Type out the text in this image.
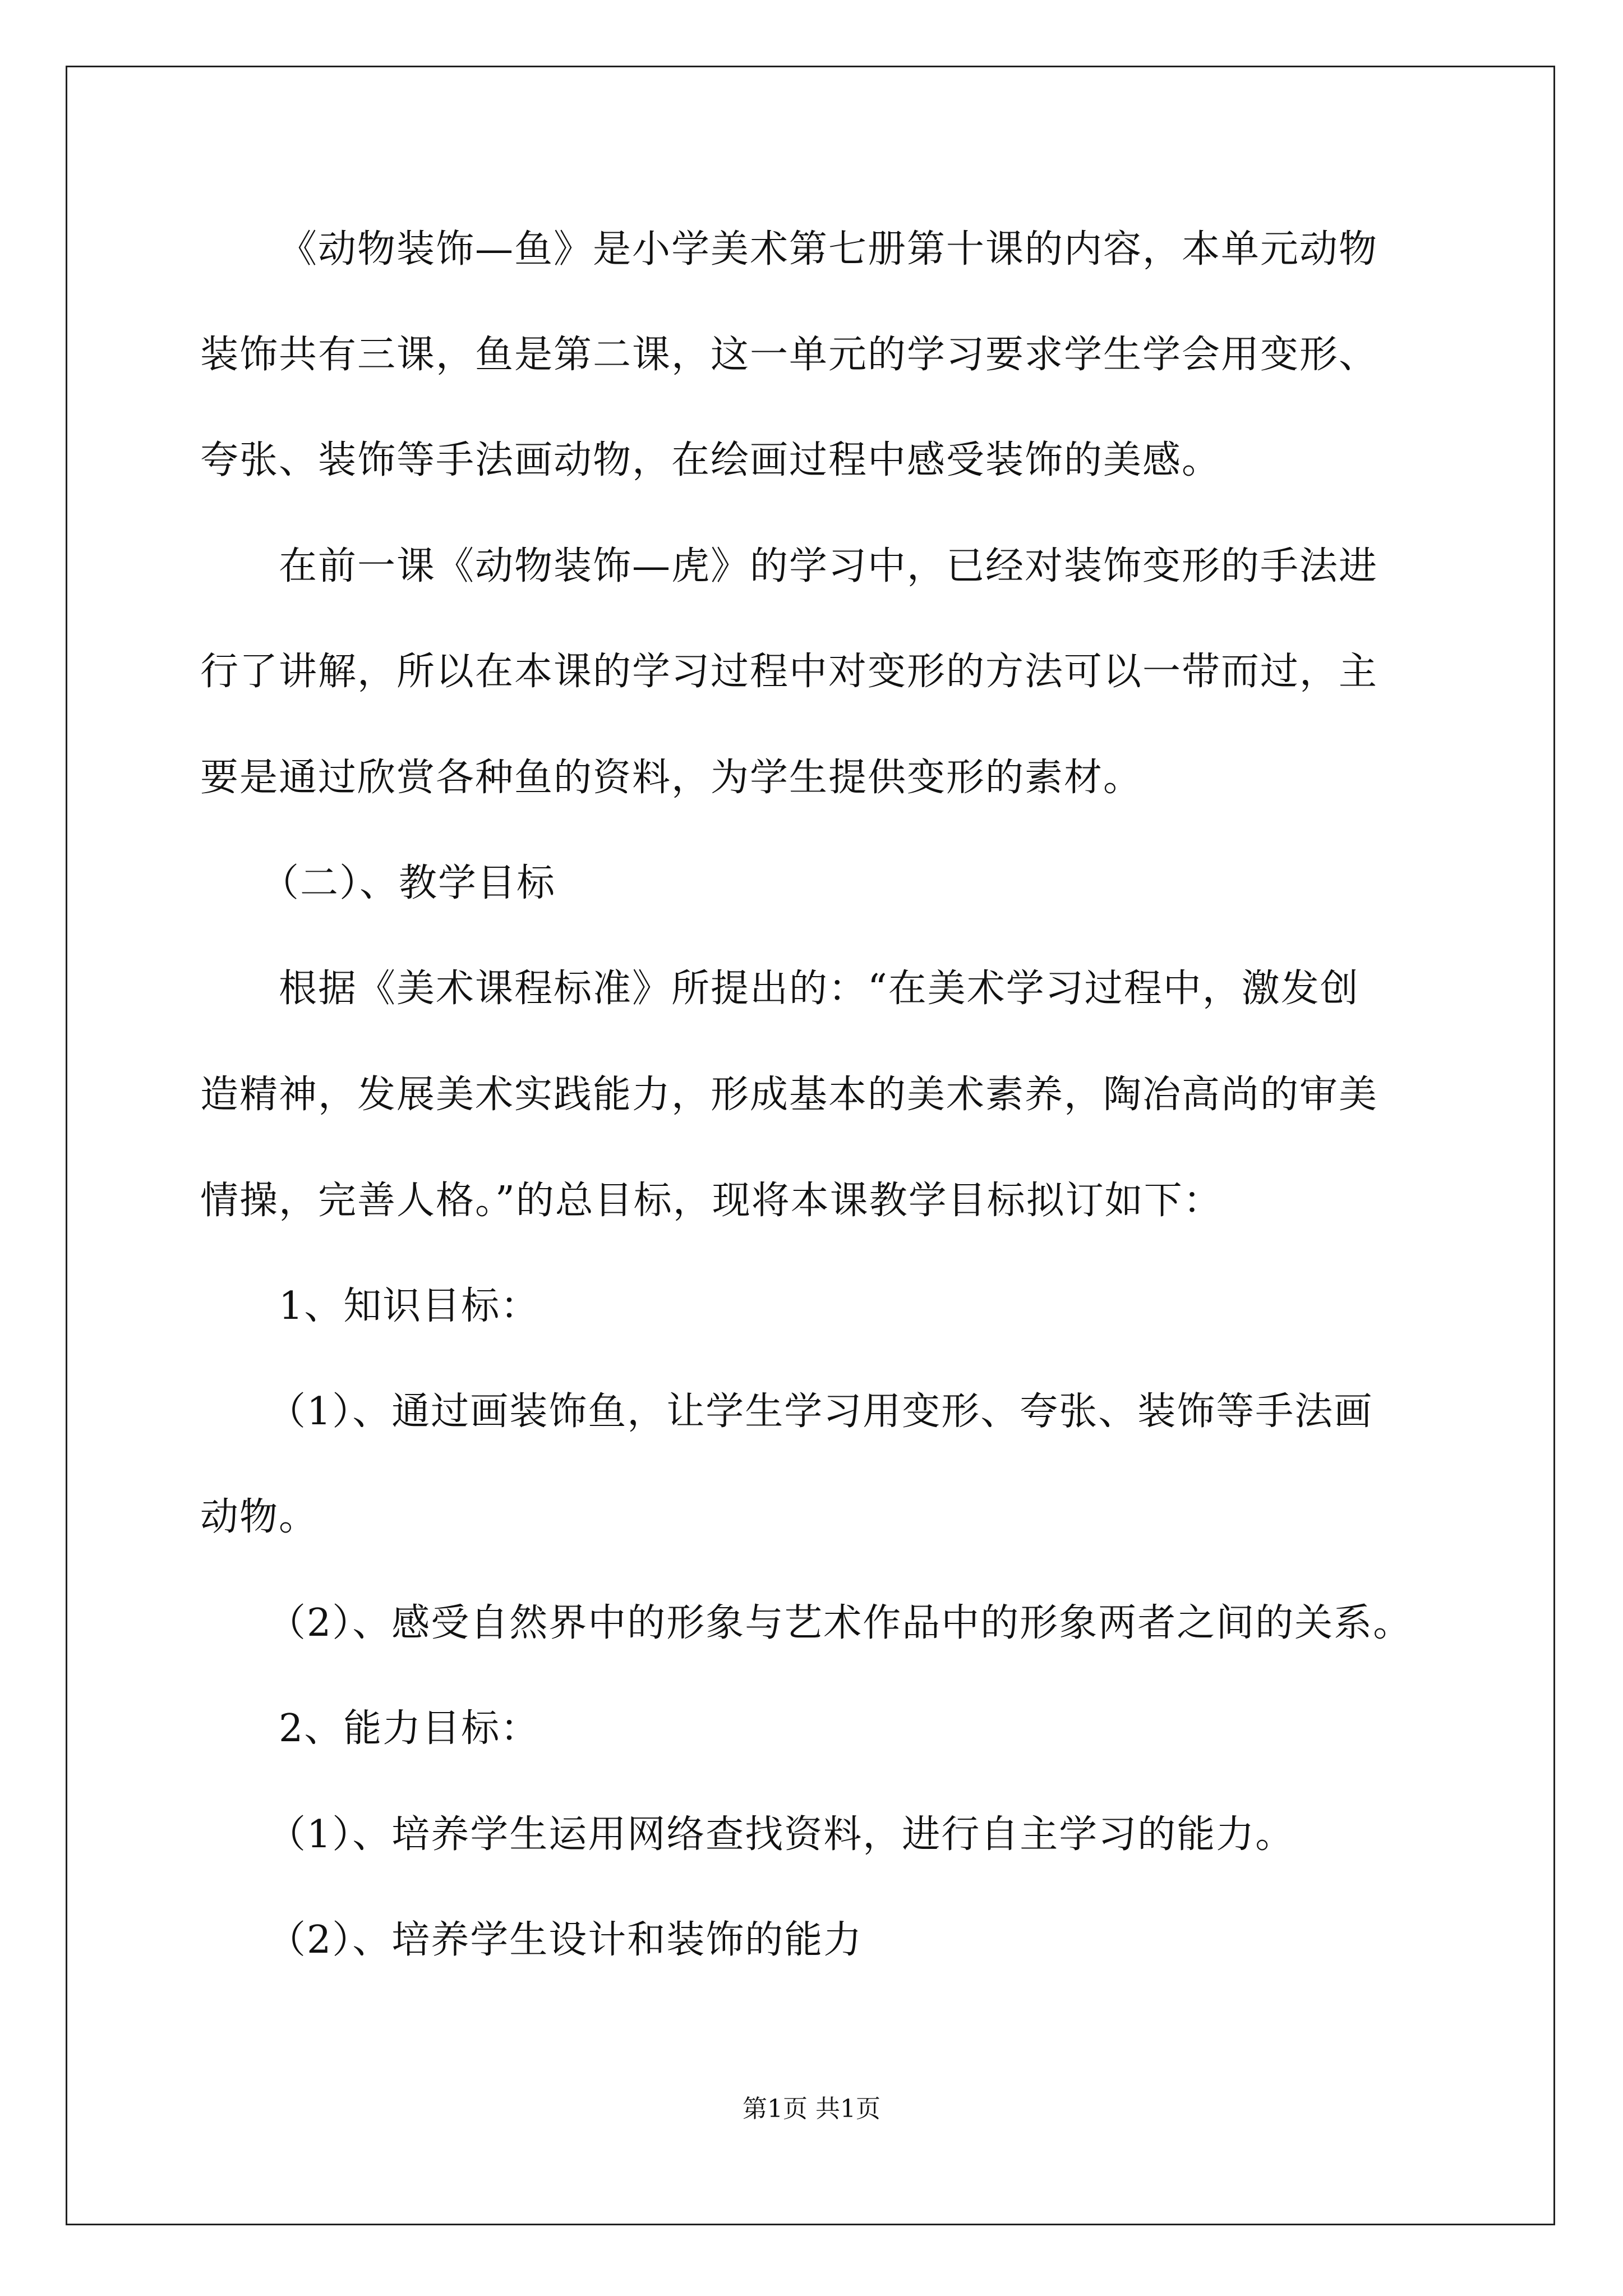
《动物装饰—鱼》是小学美术第七册第十课的内容，本单元动物
装饰共有三课，鱼是第二课，这一单元的学习要求学生学会用变形、
夸张、装饰等手法画动物，在绘画过程中感受装饰的美感。
在前一课《动物装饰—虎》的学习中，已经对装饰变形的手法进
行了讲解，所以在本课的学习过程中对变形的方法可以一带而过，主
要是通过欣赏各种鱼的资料，为学生提供变形的素材。
（二）、教学目标
根据《美术课程标准》所提出的：“在美术学习过程中，激发创
造精神，发展美术实践能力，形成基本的美术素养，陶冶高尚的审美
情操，完善人格。”的总目标，现将本课教学目标拟订如下：
1、知识目标：
（1）、通过画装饰鱼，让学生学习用变形、夸张、装饰等手法画
动物。
（2）、感受自然界中的形象与艺术作品中的形象两者之间的关系。
2、能力目标：
（1）、培养学生运用网络查找资料，进行自主学习的能力。
（2）、培养学生设计和装饰的能力
第1页 共1页
